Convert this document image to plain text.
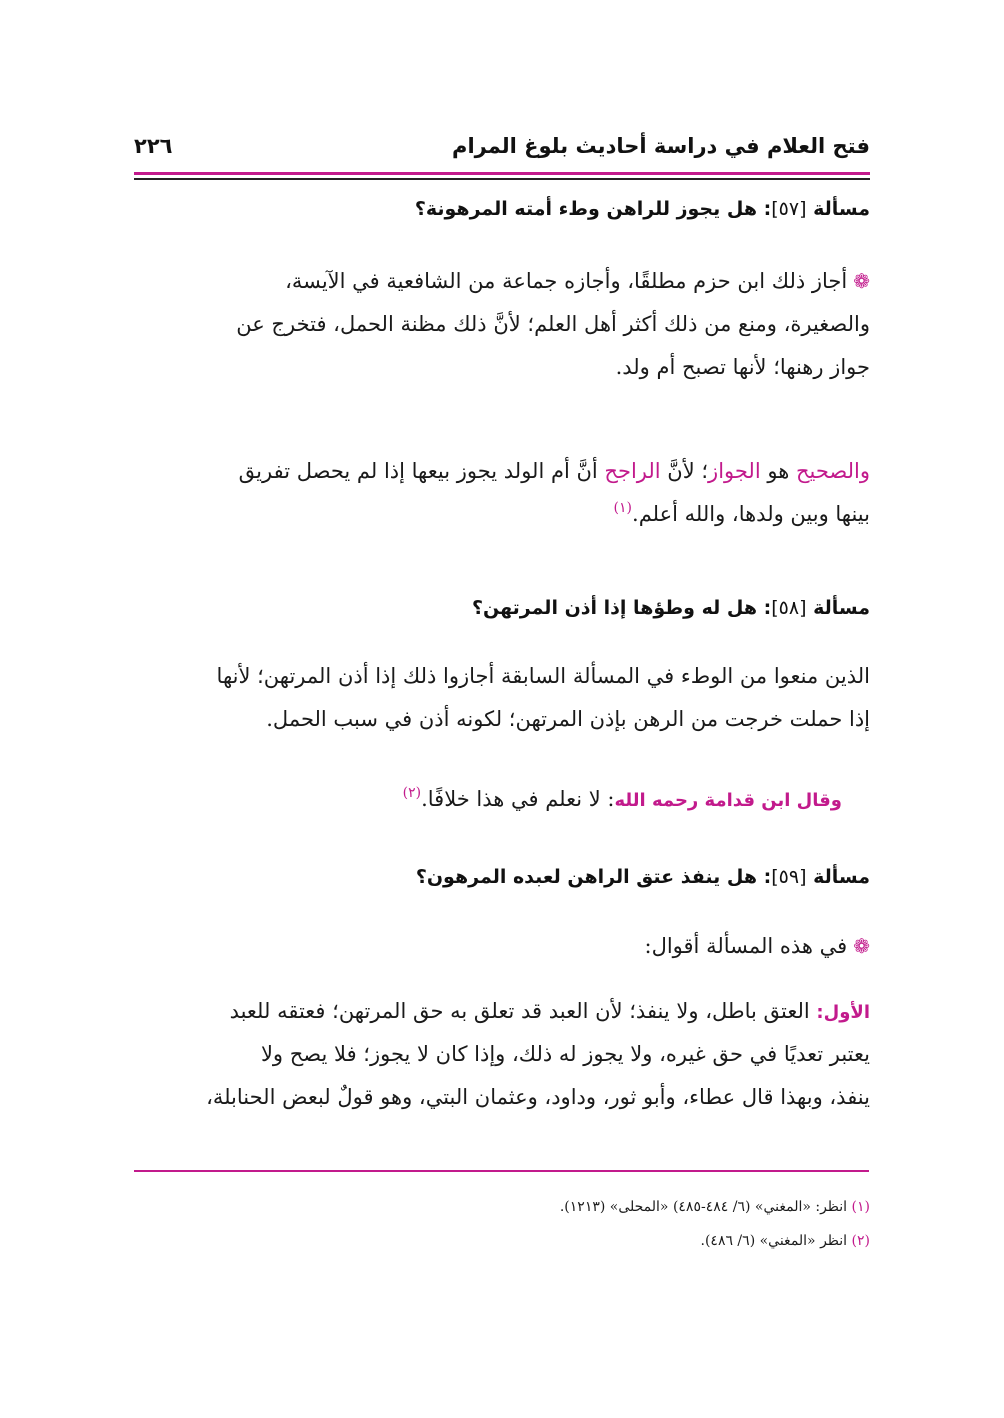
فتح العلام في دراسة أحاديث بلوغ المرام
٢٢٦
مسألة [٥٧]: هل يجوز للراهن وطء أمته المرهونة؟
❁أجاز ذلك ابن حزم مطلقًا، وأجازه جماعة من الشافعية في الآيسة،
والصغيرة، ومنع من ذلك أكثر أهل العلم؛ لأنَّ ذلك مظنة الحمل، فتخرج عن
جواز رهنها؛ لأنها تصبح أم ولد.
والصحيح هو الجواز؛ لأنَّ الراجح أنَّ أم الولد يجوز بيعها إذا لم يحصل تفريق
بينها وبين ولدها، والله أعلم.$^{(١)}$
مسألة [٥٨]: هل له وطؤها إذا أذن المرتهن؟
الذين منعوا من الوطء في المسألة السابقة أجازوا ذلك إذا أذن المرتهن؛ لأنها
إذا حملت خرجت من الرهن بإذن المرتهن؛ لكونه أذن في سبب الحمل.
وقال ابن قدامة رحمه الله: لا نعلم في هذا خلافًا.$^{(٢)}$
مسألة [٥٩]: هل ينفذ عتق الراهن لعبده المرهون؟
❁في هذه المسألة أقوال:
الأول: العتق باطل، ولا ينفذ؛ لأن العبد قد تعلق به حق المرتهن؛ فعتقه للعبد
يعتبر تعديًا في حق غيره، ولا يجوز له ذلك، وإذا كان لا يجوز؛ فلا يصح ولا
ينفذ، وبهذا قال عطاء، وأبو ثور، وداود، وعثمان البتي، وهو قولٌ لبعض الحنابلة،
(١) انظر: «المغني» (٦/ ٤٨٤-٤٨٥) «المحلى» (١٢١٣).
(٢) انظر «المغني» (٦/ ٤٨٦).
